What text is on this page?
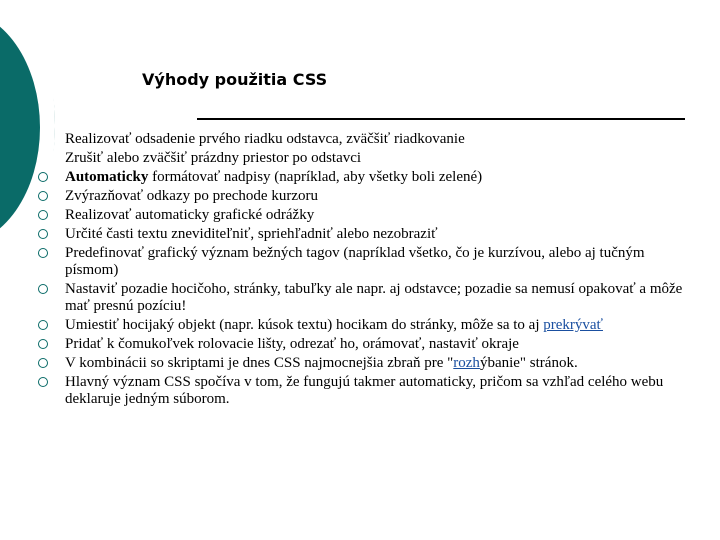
Výhody použitia CSS
Realizovať odsadenie prvého riadku odstavca, zväčšiť riadkovanie
Zrušiť alebo zväčšiť prázdny priestor po odstavci
Automaticky formátovať nadpisy (napríklad, aby všetky boli zelené)
Zvýrazňovať odkazy po prechode kurzoru
Realizovať automaticky grafické odrážky
Určité časti textu zneviditeľniť, spriehľadniť alebo nezobraziť
Predefinovať grafický význam bežných tagov (napríklad všetko, čo je kurzívou, alebo aj tučným písmom)
Nastaviť pozadie hocičoho, stránky, tabuľky ale napr. aj odstavce; pozadie sa nemusí opakovať a môže mať presnú pozíciu!
Umiestiť hocijaký objekt (napr. kúsok textu) hocikam do stránky, môže sa to aj prekrývať
Pridať k čomukoľvek rolovacie lišty, odrezať ho, orámovať, nastaviť okraje
V kombinácii so skriptami je dnes CSS najmocnejšia zbraň pre "rozhýbanie" stránok.
Hlavný význam CSS spočíva v tom, že fungujú takmer automaticky, pričom sa vzhľad celého webu deklaruje jedným súborom.
